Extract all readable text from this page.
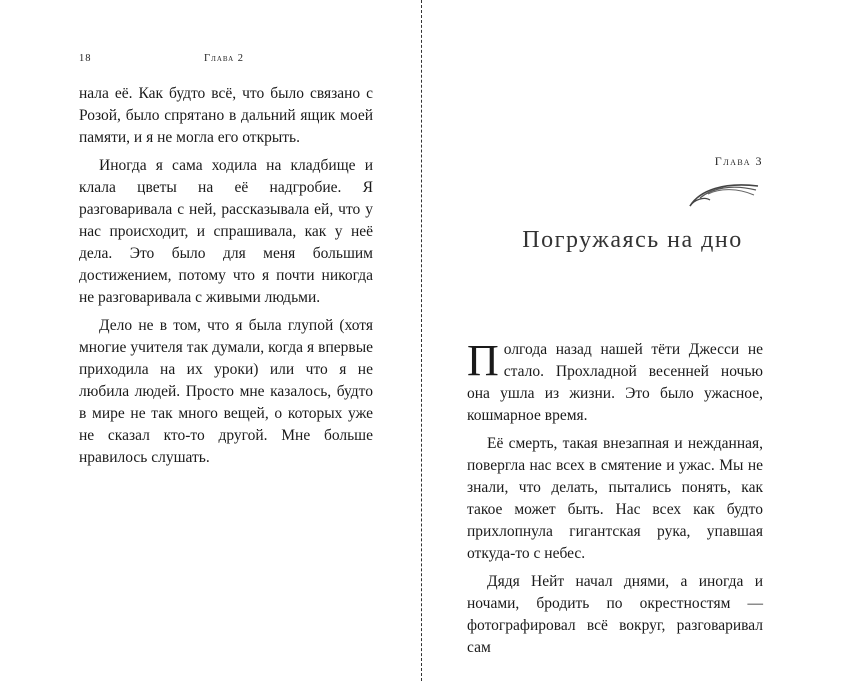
18	Глава 2

нала её. Как будто всё, что было связано с Розой, было спрятано в дальний ящик моей памяти, и я не могла его открыть.

Иногда я сама ходила на кладбище и клала цветы на её надгробие. Я разговаривала с ней, рассказывала ей, что у нас происходит, и спрашивала, как у неё дела. Это было для меня большим достижением, потому что я почти никогда не разговаривала с живыми людьми.

Дело не в том, что я была глупой (хотя многие учителя так думали, когда я впервые приходила на их уроки) или что я не любила людей. Просто мне казалось, будто в мире не так много вещей, о которых уже не сказал кто-то другой. Мне больше нравилось слушать.

Глава 3
Погружаясь на дно

Полгода назад нашей тёти Джесси не стало. Прохладной весенней ночью она ушла из жизни. Это было ужасное, кошмарное время.

Её смерть, такая внезапная и нежданная, повергла нас всех в смятение и ужас. Мы не знали, что делать, пытались понять, как такое может быть. Нас всех как будто прихлопнула гигантская рука, упавшая откуда-то с небес.

Дядя Нейт начал днями, а иногда и ночами, бродить по окрестностям — фотографировал всё вокруг, разговаривал сам
